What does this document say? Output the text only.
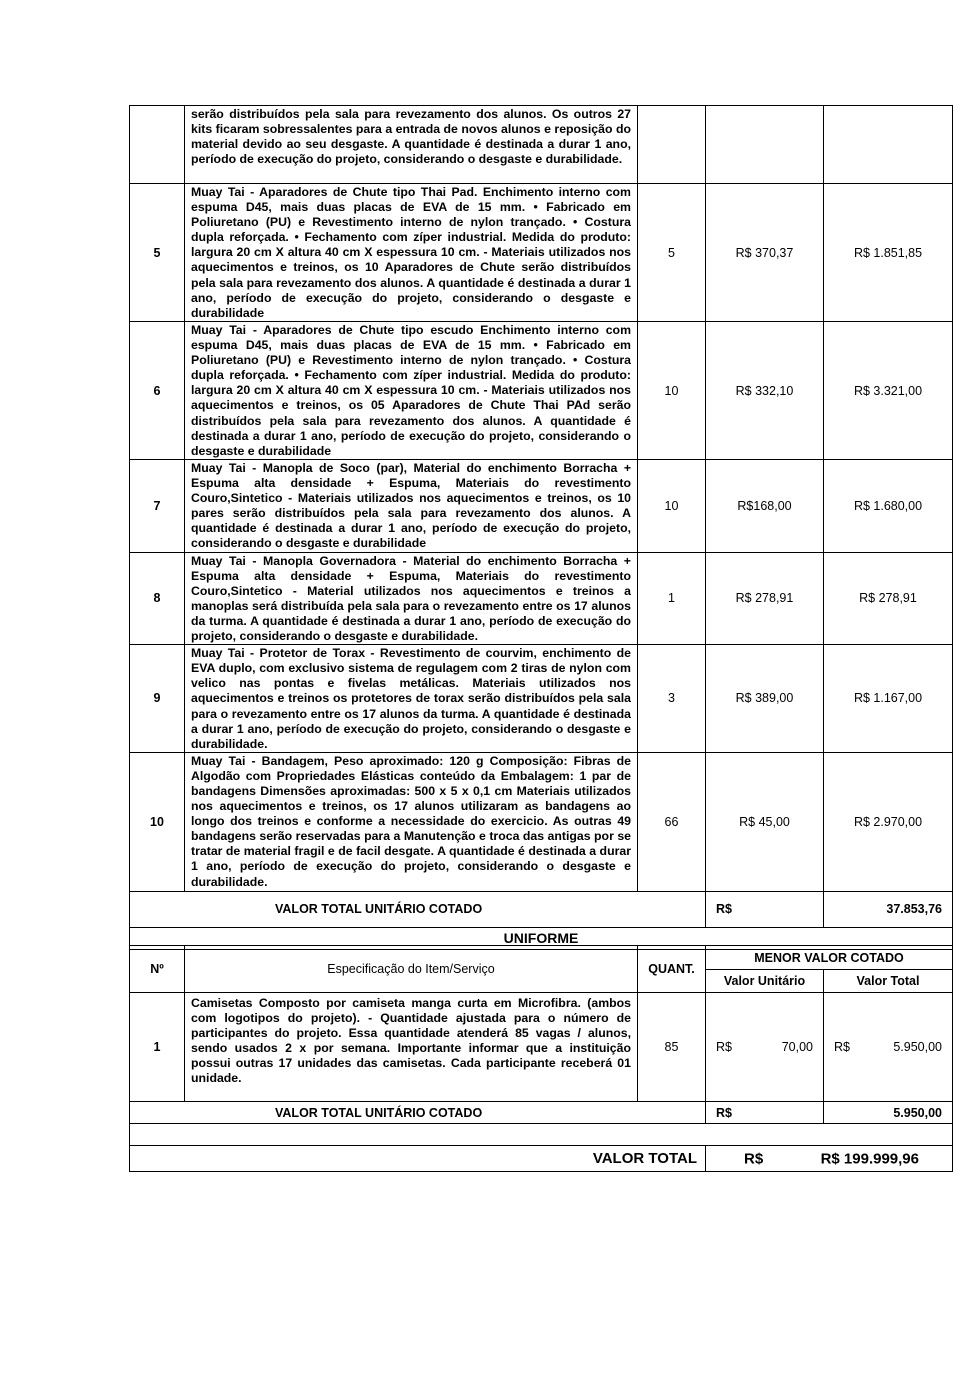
	serão distribuídos pela sala para revezamento dos alunos. Os outros 27 kits ficaram sobressalentes para a entrada de novos alunos e reposição do material devido ao seu desgaste. A quantidade é destinada a durar 1 ano, período de execução do projeto, considerando o desgaste e durabilidade.			
5	Muay Tai - Aparadores de Chute tipo Thai Pad. Enchimento interno com espuma D45, mais duas placas de EVA de 15 mm. • Fabricado em Poliuretano (PU) e Revestimento interno de nylon trançado. • Costura dupla reforçada. • Fechamento com zíper industrial. Medida do produto: largura 20 cm X altura 40 cm X espessura 10 cm. - Materiais utilizados nos aquecimentos e treinos, os 10 Aparadores de Chute serão distribuídos pela sala para revezamento dos alunos. A quantidade é destinada a durar 1 ano, período de execução do projeto, considerando o desgaste e durabilidade	5	R$ 370,37	R$ 1.851,85
6	Muay Tai - Aparadores de Chute tipo escudo Enchimento interno com espuma D45, mais duas placas de EVA de 15 mm. • Fabricado em Poliuretano (PU) e Revestimento interno de nylon trançado. • Costura dupla reforçada. • Fechamento com zíper industrial. Medida do produto: largura 20 cm X altura 40 cm X espessura 10 cm. - Materiais utilizados nos aquecimentos e treinos, os 05 Aparadores de Chute Thai PAd serão distribuídos pela sala para revezamento dos alunos. A quantidade é destinada a durar 1 ano, período de execução do projeto, considerando o desgaste e durabilidade	10	R$ 332,10	R$ 3.321,00
7	Muay Tai - Manopla de Soco (par), Material do enchimento Borracha + Espuma alta densidade + Espuma, Materiais do revestimento Couro,Sintetico - Materiais utilizados nos aquecimentos e treinos, os 10 pares serão distribuídos pela sala para revezamento dos alunos. A quantidade é destinada a durar 1 ano, período de execução do projeto, considerando o desgaste e durabilidade	10	R$168,00	R$ 1.680,00
8	Muay Tai - Manopla Governadora - Material do enchimento Borracha + Espuma alta densidade + Espuma, Materiais do revestimento Couro,Sintetico - Material utilizados nos aquecimentos e treinos a manoplas será distribuída pela sala para o revezamento entre os 17 alunos da turma. A quantidade é destinada a durar 1 ano, período de execução do projeto, considerando o desgaste e durabilidade.	1	R$ 278,91	R$ 278,91
9	Muay Tai - Protetor de Torax - Revestimento de courvim, enchimento de EVA duplo, com exclusivo sistema de regulagem com 2 tiras de nylon com velico nas pontas e fivelas metálicas. Materiais utilizados nos aquecimentos e treinos os protetores de torax serão distribuídos pela sala para o revezamento entre os 17 alunos da turma. A quantidade é destinada a durar 1 ano, período de execução do projeto, considerando o desgaste e durabilidade.	3	R$ 389,00	R$ 1.167,00
10	Muay Tai - Bandagem, Peso aproximado: 120 g Composição: Fibras de Algodão com Propriedades Elásticas conteúdo da Embalagem: 1 par de bandagens Dimensões aproximadas: 500 x 5 x 0,1 cm Materiais utilizados nos aquecimentos e treinos, os 17 alunos utilizaram as bandagens ao longo dos treinos e conforme a necessidade do exercicio. As outras 49 bandagens serão reservadas para a Manutenção e troca das antigas por se tratar de material fragil e de facil desgate. A quantidade é destinada a durar 1 ano, período de execução do projeto, considerando o desgaste e durabilidade.	66	R$ 45,00	R$ 2.970,00
VALOR TOTAL UNITÁRIO COTADO				R$ 37.853,76

UNIFORME				
Nº	Especificação do Item/Serviço	QUANT.	MENOR VALOR COTADO	
			Valor Unitário	Valor Total
1	Camisetas Composto por camiseta manga curta em Microfibra. (ambos com logotipos do projeto). - Quantidade ajustada para o número de participantes do projeto. Essa quantidade atenderá 85 vagas / alunos, sendo usados 2 x por semana. Importante informar que a instituição possui outras 17 unidades das camisetas. Cada participante receberá 01 unidade.	85	R$ 70,00	R$ 5.950,00

VALOR TOTAL UNITÁRIO COTADO			R$	5.950,00

VALOR TOTAL			R$ R$ 199.999,96	
